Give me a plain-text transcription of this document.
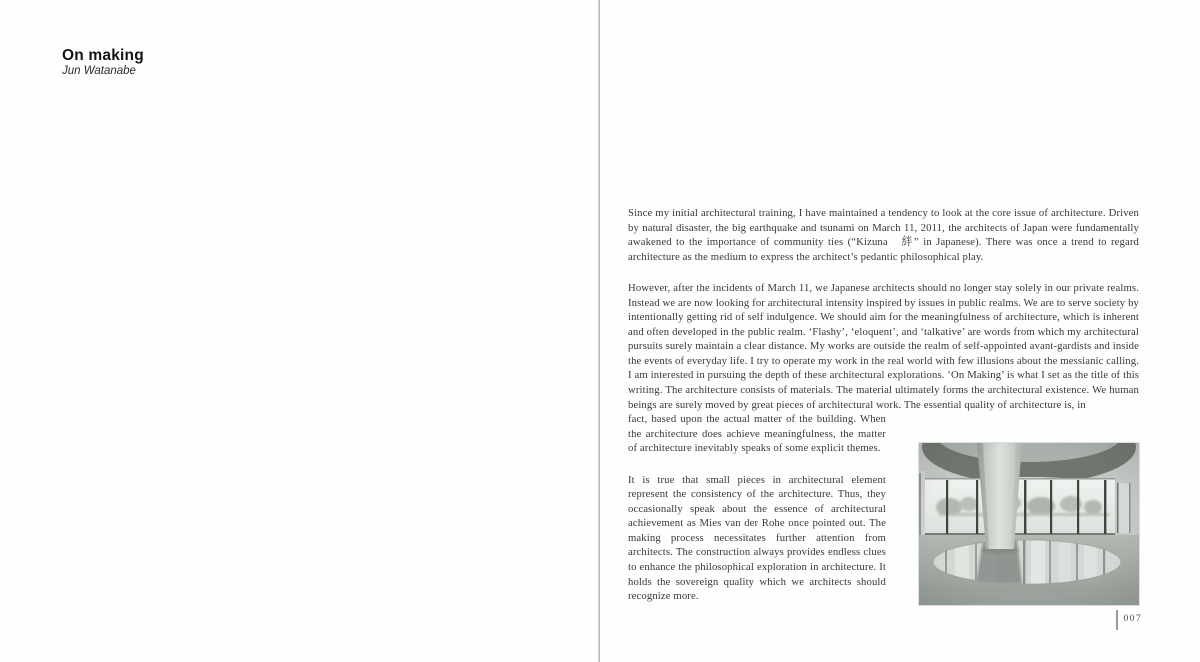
On making
Jun Watanabe

Since my initial architectural training, I have maintained a tendency to look at the core issue of architecture. Driven by natural disaster, the big earthquake and tsunami on March 11, 2011, the architects of Japan were fundamentally awakened to the importance of community ties (“Kizuna　絆” in Japanese). There was once a trend to regard architecture as the medium to express the architect’s pedantic philosophical play.

However, after the incidents of March 11, we Japanese architects should no longer stay solely in our private realms. Instead we are now looking for architectural intensity inspired by issues in public realms. We are to serve society by intentionally getting rid of self indulgence. We should aim for the meaningfulness of architecture, which is inherent and often developed in the public realm. ‘Flashy’, ‘eloquent’, and ‘talkative’ are words from which my architectural pursuits surely maintain a clear distance. My works are outside the realm of self-appointed avant-gardists and inside the events of everyday life. I try to operate my work in the real world with few illusions about the messianic calling. I am interested in pursuing the depth of these architectural explorations. ‘On Making’ is what I set as the title of this writing. The architecture consists of materials. The material ultimately forms the architectural existence. We human beings are surely moved by great pieces of architectural work. The essential quality of architecture is, in

fact, based upon the actual matter of the building. When the architecture does achieve meaningfulness, the matter of architecture inevitably speaks of some explicit themes.

It is true that small pieces in architectural element represent the consistency of the architecture. Thus, they occasionally speak about the essence of architectural achievement as Mies van der Rohe once pointed out. The making process necessitates further attention from architects. The construction always provides endless clues to enhance the philosophical exploration in architecture. It holds the sovereign quality which we architects should recognize more.

007
